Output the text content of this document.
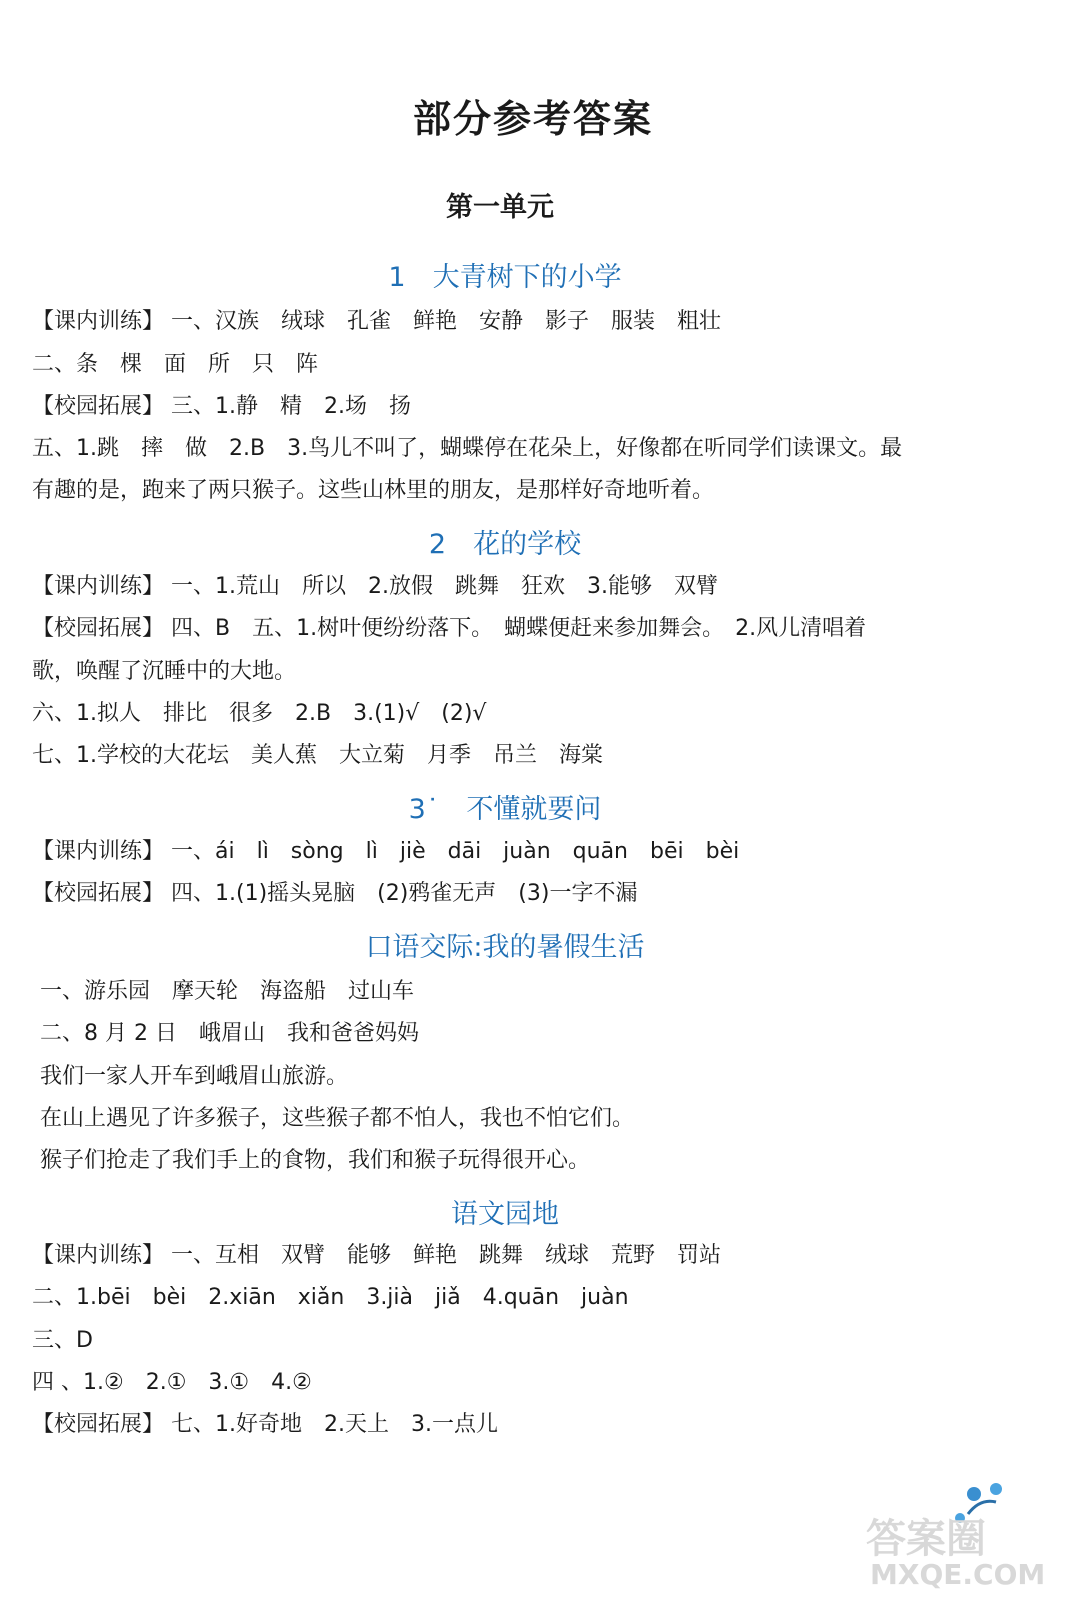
部分参考答案
第一单元
1　大青树下的小学
【课内训练】 一、汉族　绒球　孔雀　鲜艳　安静　影子　服装　粗壮
二、条　棵　面　所　只　阵
【校园拓展】 三、1.静　精　2.场　扬
五、1.跳　摔　做　2.B　3.鸟儿不叫了，蝴蝶停在花朵上，好像都在听同学们读课文。最
有趣的是，跑来了两只猴子。这些山林里的朋友，是那样好奇地听着。
2　花的学校
【课内训练】 一、1.荒山　所以　2.放假　跳舞　狂欢　3.能够　双臂
【校园拓展】 四、B　五、1.树叶便纷纷落下。　蝴蝶便赶来参加舞会。　2.风儿清唱着
歌，唤醒了沉睡中的大地。
六、1.拟人　排比　很多　2.B　3.(1)√　(2)√
七、1.学校的大花坛　美人蕉　大立菊　月季　吊兰　海棠
3˙　不懂就要问
【课内训练】 一、ái　lì　sòng　lì　jiè　dāi　juàn　quān　bēi　bèi
【校园拓展】 四、1.(1)摇头晃脑　(2)鸦雀无声　(3)一字不漏
口语交际:我的暑假生活
一、游乐园　摩天轮　海盗船　过山车
二、8 月 2 日　峨眉山　我和爸爸妈妈
我们一家人开车到峨眉山旅游。
在山上遇见了许多猴子，这些猴子都不怕人，我也不怕它们。
猴子们抢走了我们手上的食物，我们和猴子玩得很开心。
语文园地
【课内训练】 一、互相　双臂　能够　鲜艳　跳舞　绒球　荒野　罚站
二、1.bēi　bèi　2.xiān　xiǎn　3.jià　jiǎ　4.quān　juàn
三、D
四 、1.②　2.①　3.①　4.②
【校园拓展】 七、1.好奇地　2.天上　3.一点儿
答案圈
MXQE.COM
